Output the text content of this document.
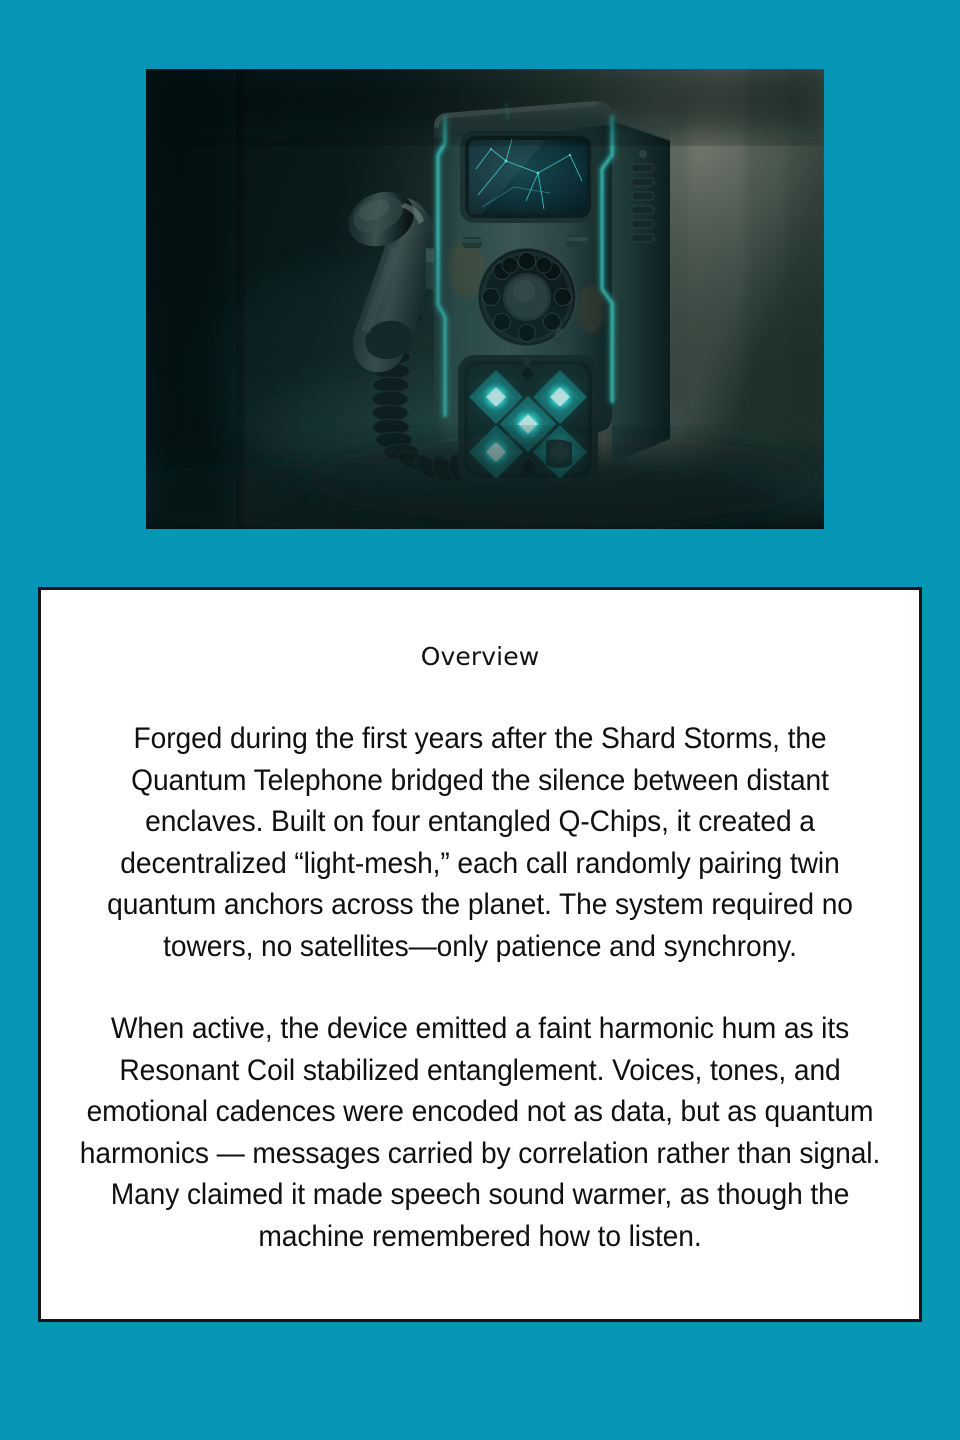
Overview

Forged during the first years after the Shard Storms, the Quantum Telephone bridged the silence between distant enclaves. Built on four entangled Q-Chips, it created a decentralized “light-mesh,” each call randomly pairing twin quantum anchors across the planet. The system required no towers, no satellites—only patience and synchrony.

When active, the device emitted a faint harmonic hum as its Resonant Coil stabilized entanglement. Voices, tones, and emotional cadences were encoded not as data, but as quantum harmonics — messages carried by correlation rather than signal. Many claimed it made speech sound warmer, as though the machine remembered how to listen.
